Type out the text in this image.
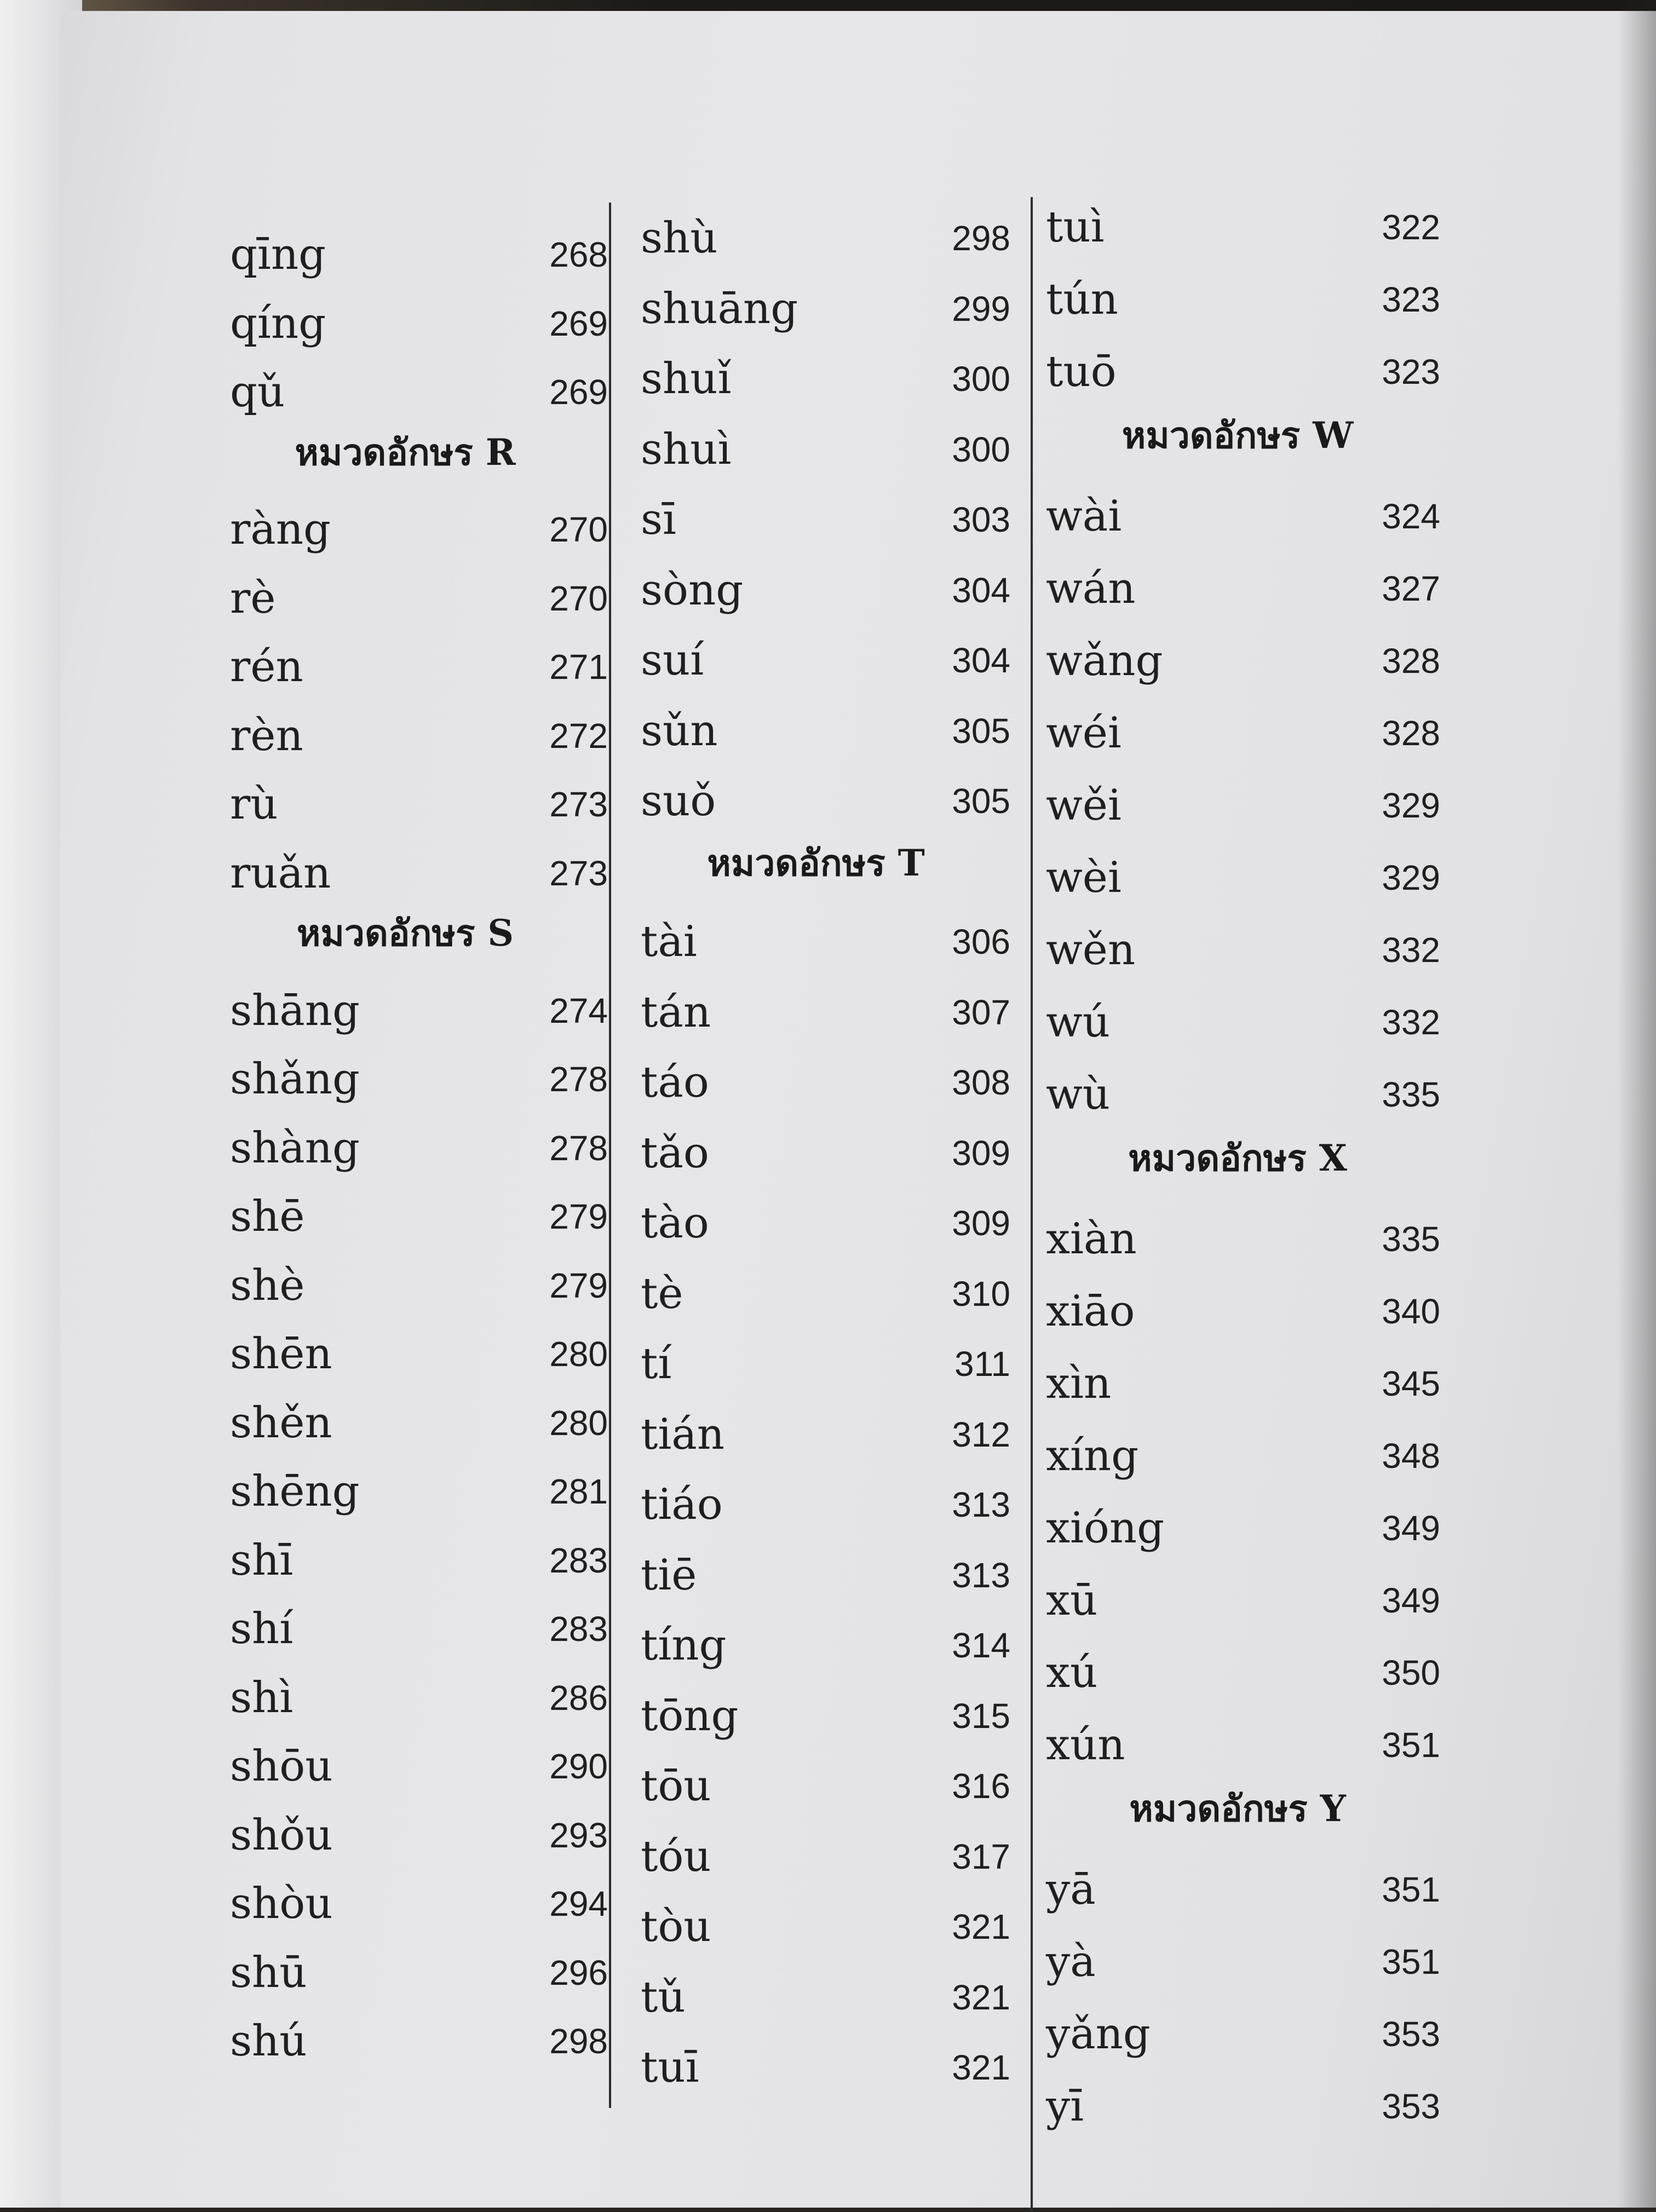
qīng	268
qíng	269
qǔ	269
หมวดอักษร R
ràng	270
rè	270
rén	271
rèn	272
rù	273
ruǎn	273
หมวดอักษร S
shāng	274
shǎng	278
shàng	278
shē	279
shè	279
shēn	280
shěn	280
shēng	281
shī	283
shí	283
shì	286
shōu	290
shǒu	293
shòu	294
shū	296
shú	298
shù	298
shuāng	299
shuǐ	300
shuì	300
sī	303
sòng	304
suí	304
sǔn	305
suǒ	305
หมวดอักษร T
tài	306
tán	307
táo	308
tǎo	309
tào	309
tè	310
tí	311
tián	312
tiáo	313
tiē	313
tíng	314
tōng	315
tōu	316
tóu	317
tòu	321
tǔ	321
tuī	321
tuì	322
tún	323
tuō	323
หมวดอักษร W
wài	324
wán	327
wǎng	328
wéi	328
wěi	329
wèi	329
wěn	332
wú	332
wù	335
หมวดอักษร X
xiàn	335
xiāo	340
xìn	345
xíng	348
xióng	349
xū	349
xú	350
xún	351
หมวดอักษร Y
yā	351
yà	351
yǎng	353
yī	353
